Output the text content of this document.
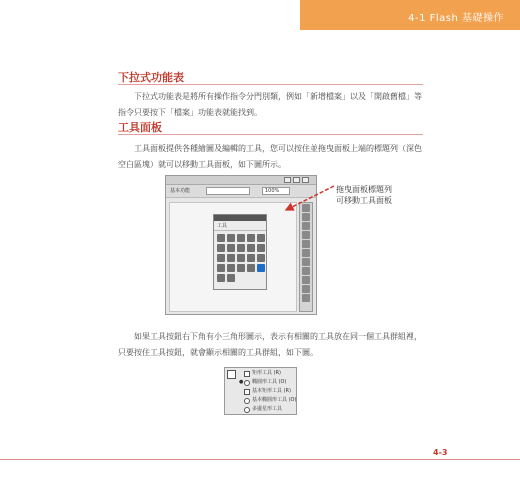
4-1 Flash 基礎操作
下拉式功能表
下拉式功能表是將所有操作指令分門別類，例如「新增檔案」以及「開啟舊檔」等指令只要按下「檔案」功能表就能找到。
工具面板
工具面板提供各種繪圖及編輯的工具，您可以按住並拖曳面板上端的標題列（深色空白區塊）就可以移動工具面板，如下圖所示。
基本功能	100%
工具
拖曳面板標題列
可移動工具面板
如果工具按鈕右下角有小三角形圖示，表示有相關的工具放在同一個工具群組裡，只要按住工具按鈕，就會顯示相關的工具群組，如下圖。
矩形工具 (R)
● 橢圓形工具 (O)
基本矩形工具 (R)
基本橢圓形工具 (O)
多邊星形工具
4-3
